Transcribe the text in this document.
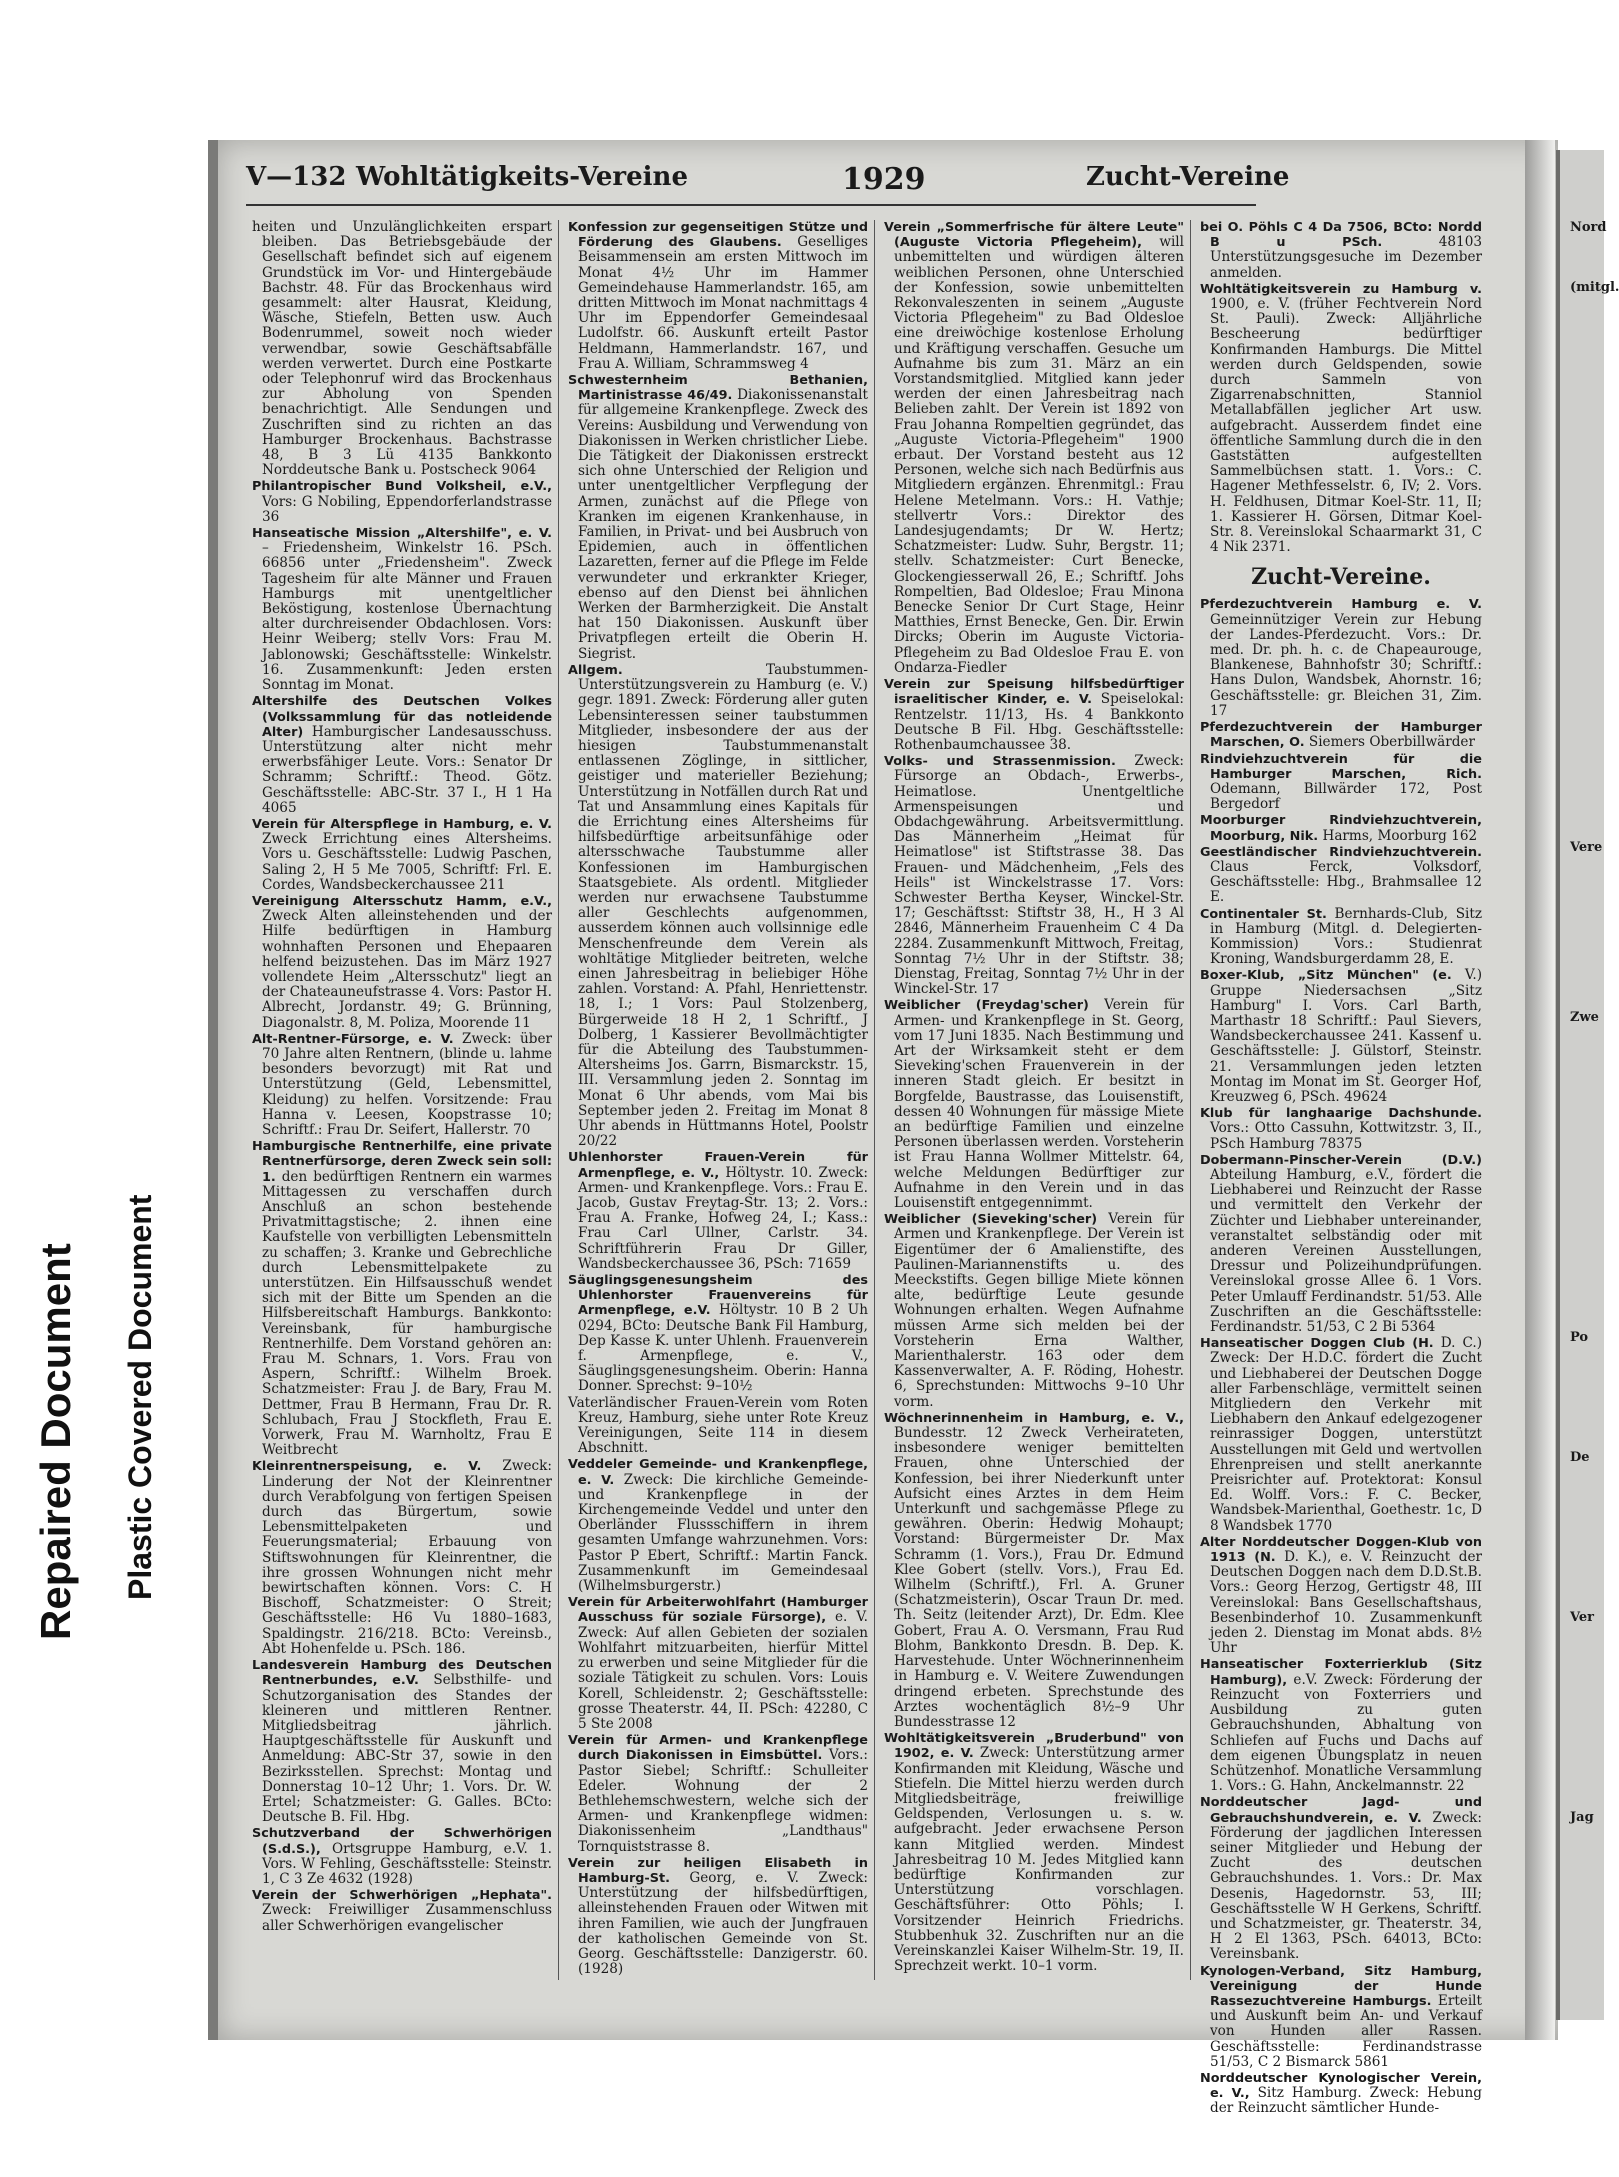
Repaired Document Plastic Covered Document
V—132 Wohltätigkeits-Vereine	1929	Zucht-Vereine

heiten und Unzulänglichkeiten erspart bleiben. Das Betriebsgebäude der Gesellschaft befindet sich auf eigenem Grundstück im Vor- und Hintergebäude Bachstr. 48. Für das Brockenhaus wird gesammelt: alter Hausrat, Kleidung, Wäsche, Stiefeln, Betten usw. Auch Bodenrummel, soweit noch wieder verwendbar, sowie Geschäftsabfälle werden verwertet. Durch eine Postkarte oder Telephonruf wird das Brockenhaus zur Abholung von Spenden benachrichtigt. Alle Sendungen und Zuschriften sind zu richten an das Hamburger Brockenhaus. Bachstrasse 48, B 3 Lü 4135 Bankkonto Norddeutsche Bank u. Postscheck 9064

Philantropischer Bund Volksheil, e.V., Vors: G Nobiling, Eppendorferlandstrasse 36

Hanseatische Mission „Altershilfe", e. V. – Friedensheim, Winkelstr 16. PSch. 66856 unter „Friedensheim". Zweck Tagesheim für alte Männer und Frauen Hamburgs mit unentgeltlicher Beköstigung, kostenlose Übernachtung alter durchreisender Obdachlosen. Vors: Heinr Weiberg; stellv Vors: Frau M. Jablonowski; Geschäftsstelle: Winkelstr. 16. Zusammenkunft: Jeden ersten Sonntag im Monat.

Altershilfe des Deutschen Volkes (Volkssammlung für das notleidende Alter) Hamburgischer Landesausschuss. Unterstützung alter nicht mehr erwerbsfähiger Leute. Vors.: Senator Dr Schramm; Schriftf.: Theod. Götz. Geschäftsstelle: ABC-Str. 37 I., H 1 Ha 4065

Verein für Alterspflege in Hamburg, e. V. Zweck Errichtung eines Altersheims. Vors u. Geschäftsstelle: Ludwig Paschen, Saling 2, H 5 Me 7005, Schriftf: Frl. E. Cordes, Wandsbeckerchaussee 211

Vereinigung Altersschutz Hamm, e.V., Zweck Alten alleinstehenden und der Hilfe bedürftigen in Hamburg wohnhaften Personen und Ehepaaren helfend beizustehen. Das im März 1927 vollendete Heim „Altersschutz" liegt an der Chateauneufstrasse 4. Vors: Pastor H. Albrecht, Jordanstr. 49; G. Brünning, Diagonalstr. 8, M. Poliza, Moorende 11

Alt-Rentner-Fürsorge, e. V. Zweck: über 70 Jahre alten Rentnern, (blinde u. lahme besonders bevorzugt) mit Rat und Unterstützung (Geld, Lebensmittel, Kleidung) zu helfen. Vorsitzende: Frau Hanna v. Leesen, Koopstrasse 10; Schriftf.: Frau Dr. Seifert, Hallerstr. 70

Hamburgische Rentnerhilfe, eine private Rentnerfürsorge, deren Zweck sein soll: 1. den bedürftigen Rentnern ein warmes Mittagessen zu verschaffen durch Anschluß an schon bestehende Privatmittagstische; 2. ihnen eine Kaufstelle von verbilligten Lebensmitteln zu schaffen; 3. Kranke und Gebrechliche durch Lebensmittelpakete zu unterstützen. Ein Hilfsausschuß wendet sich mit der Bitte um Spenden an die Hilfsbereitschaft Hamburgs. Bankkonto: Vereinsbank, für hamburgische Rentnerhilfe. Dem Vorstand gehören an: Frau M. Schnars, 1. Vors. Frau von Aspern, Schriftf.: Wilhelm Broek. Schatzmeister: Frau J. de Bary, Frau M. Dettmer, Frau B Hermann, Frau Dr. R. Schlubach, Frau J Stockfleth, Frau E. Vorwerk, Frau M. Warnholtz, Frau E Weitbrecht

Kleinrentnerspeisung, e. V. Zweck: Linderung der Not der Kleinrentner durch Verabfolgung von fertigen Speisen durch das Bürgertum, sowie Lebensmittelpaketen und Feuerungsmaterial; Erbauung von Stiftswohnungen für Kleinrentner, die ihre grossen Wohnungen nicht mehr bewirtschaften können. Vors: C. H Bischoff, Schatzmeister: O Streit; Geschäftsstelle: H6 Vu 1880–1683, Spaldingstr. 216/218. BCto: Vereinsb., Abt Hohenfelde u. PSch. 186.

Landesverein Hamburg des Deutschen Rentnerbundes, e.V. Selbsthilfe- und Schutzorganisation des Standes der kleineren und mittleren Rentner. Mitgliedsbeitrag jährlich. Hauptgeschäftsstelle für Auskunft und Anmeldung: ABC-Str 37, sowie in den Bezirksstellen. Sprechst: Montag und Donnerstag 10–12 Uhr; 1. Vors. Dr. W. Ertel; Schatzmeister: G. Galles. BCto: Deutsche B. Fil. Hbg.

Schutzverband der Schwerhörigen (S.d.S.), Ortsgruppe Hamburg, e.V. 1. Vors. W Fehling, Geschäftsstelle: Steinstr. 1, C 3 Ze 4632 (1928)

Verein der Schwerhörigen „Hephata". Zweck: Freiwilliger Zusammenschluss aller Schwerhörigen evangelischer

Konfession zur gegenseitigen Stütze und Förderung des Glaubens. Geselliges Beisammensein am ersten Mittwoch im Monat 4½ Uhr im Hammer Gemeindehause Hammerlandstr. 165, am dritten Mittwoch im Monat nachmittags 4 Uhr im Eppendorfer Gemeindesaal Ludolfstr. 66. Auskunft erteilt Pastor Heldmann, Hammerlandstr. 167, und Frau A. William, Schrammsweg 4

Schwesternheim Bethanien, Martinistrasse 46/49. Diakonissenanstalt für allgemeine Krankenpflege. Zweck des Vereins: Ausbildung und Verwendung von Diakonissen in Werken christlicher Liebe. Die Tätigkeit der Diakonissen erstreckt sich ohne Unterschied der Religion und unter unentgeltlicher Verpflegung der Armen, zunächst auf die Pflege von Kranken im eigenen Krankenhause, in Familien, in Privat- und bei Ausbruch von Epidemien, auch in öffentlichen Lazaretten, ferner auf die Pflege im Felde verwundeter und erkrankter Krieger, ebenso auf den Dienst bei ähnlichen Werken der Barmherzigkeit. Die Anstalt hat 150 Diakonissen. Auskunft über Privatpflegen erteilt die Oberin H. Siegrist.

Allgem. Taubstummen-Unterstützungsverein zu Hamburg (e. V.) gegr. 1891. Zweck: Förderung aller guten Lebensinteressen seiner taubstummen Mitglieder, insbesondere der aus der hiesigen Taubstummenanstalt entlassenen Zöglinge, in sittlicher, geistiger und materieller Beziehung; Unterstützung in Notfällen durch Rat und Tat und Ansammlung eines Kapitals für die Errichtung eines Altersheims für hilfsbedürftige arbeitsunfähige oder altersschwache Taubstumme aller Konfessionen im Hamburgischen Staatsgebiete. Als ordentl. Mitglieder werden nur erwachsene Taubstumme aller Geschlechts aufgenommen, ausserdem können auch vollsinnige edle Menschenfreunde dem Verein als wohltätige Mitglieder beitreten, welche einen Jahresbeitrag in beliebiger Höhe zahlen. Vorstand: A. Pfahl, Henriettenstr. 18, I.; 1 Vors: Paul Stolzenberg, Bürgerweide 18 H 2, 1 Schriftf., J Dolberg, 1 Kassierer Bevollmächtigter für die Abteilung des Taubstummen-Altersheims Jos. Garrn, Bismarckstr. 15, III. Versammlung jeden 2. Sonntag im Monat 6 Uhr abends, vom Mai bis September jeden 2. Freitag im Monat 8 Uhr abends in Hüttmanns Hotel, Poolstr 20/22

Uhlenhorster Frauen-Verein für Armenpflege, e. V., Höltystr. 10. Zweck: Armen- und Krankenpflege. Vors.: Frau E. Jacob, Gustav Freytag-Str. 13; 2. Vors.: Frau A. Franke, Hofweg 24, I.; Kass.: Frau Carl Ullner, Carlstr. 34. Schriftführerin Frau Dr Giller, Wandsbeckerchaussee 36, PSch: 71659

Säuglingsgenesungsheim des Uhlenhorster Frauenvereins für Armenpflege, e.V. Höltystr. 10 B 2 Uh 0294, BCto: Deutsche Bank Fil Hamburg, Dep Kasse K. unter Uhlenh. Frauenverein f. Armenpflege, e. V., Säuglingsgenesungsheim. Oberin: Hanna Donner. Sprechst: 9–10½

Vaterländischer Frauen-Verein vom Roten Kreuz, Hamburg, siehe unter Rote Kreuz Vereinigungen, Seite 114 in diesem Abschnitt.

Veddeler Gemeinde- und Krankenpflege, e. V. Zweck: Die kirchliche Gemeinde- und Krankenpflege in der Kirchengemeinde Veddel und unter den Oberländer Flussschiffern in ihrem gesamten Umfange wahrzunehmen. Vors: Pastor P Ebert, Schriftf.: Martin Fanck. Zusammenkunft im Gemeindesaal (Wilhelmsburgerstr.)

Verein für Arbeiterwohlfahrt (Hamburger Ausschuss für soziale Fürsorge), e. V. Zweck: Auf allen Gebieten der sozialen Wohlfahrt mitzuarbeiten, hierfür Mittel zu erwerben und seine Mitglieder für die soziale Tätigkeit zu schulen. Vors: Louis Korell, Schleidenstr. 2; Geschäftsstelle: grosse Theaterstr. 44, II. PSch: 42280, C 5 Ste 2008

Verein für Armen- und Krankenpflege durch Diakonissen in Eimsbüttel. Vors.: Pastor Siebel; Schriftf.: Schulleiter Edeler. Wohnung der 2 Bethlehemschwestern, welche sich der Armen- und Krankenpflege widmen: Diakonissenheim „Landthaus" Tornquiststrasse 8.

Verein zur heiligen Elisabeth in Hamburg-St. Georg, e. V. Zweck: Unterstützung der hilfsbedürftigen, alleinstehenden Frauen oder Witwen mit ihren Familien, wie auch der Jungfrauen der katholischen Gemeinde von St. Georg. Geschäftsstelle: Danzigerstr. 60. (1928)

Verein „Sommerfrische für ältere Leute" (Auguste Victoria Pflegeheim), will unbemittelten und würdigen älteren weiblichen Personen, ohne Unterschied der Konfession, sowie unbemittelten Rekonvaleszenten in seinem „Auguste Victoria Pflegeheim" zu Bad Oldesloe eine dreiwöchige kostenlose Erholung und Kräftigung verschaffen. Gesuche um Aufnahme bis zum 31. März an ein Vorstandsmitglied. Mitglied kann jeder werden der einen Jahresbeitrag nach Belieben zahlt. Der Verein ist 1892 von Frau Johanna Rompeltien gegründet, das „Auguste Victoria-Pflegeheim" 1900 erbaut. Der Vorstand besteht aus 12 Personen, welche sich nach Bedürfnis aus Mitgliedern ergänzen. Ehrenmitgl.: Frau Helene Metelmann. Vors.: H. Vathje; stellvertr Vors.: Direktor des Landesjugendamts; Dr W. Hertz; Schatzmeister: Ludw. Suhr, Bergstr. 11; stellv. Schatzmeister: Curt Benecke, Glockengiesserwall 26, E.; Schriftf. Johs Rompeltien, Bad Oldesloe; Frau Minona Benecke Senior Dr Curt Stage, Heinr Matthies, Ernst Benecke, Gen. Dir. Erwin Dircks; Oberin im Auguste Victoria-Pflegeheim zu Bad Oldesloe Frau E. von Ondarza-Fiedler

Verein zur Speisung hilfsbedürftiger israelitischer Kinder, e. V. Speiselokal: Rentzelstr. 11/13, Hs. 4 Bankkonto Deutsche B Fil. Hbg. Geschäftsstelle: Rothenbaumchaussee 38.

Volks- und Strassenmission. Zweck: Fürsorge an Obdach-, Erwerbs-, Heimatlose. Unentgeltliche Armenspeisungen und Obdachgewährung. Arbeitsvermittlung. Das Männerheim „Heimat für Heimatlose" ist Stiftstrasse 38. Das Frauen- und Mädchenheim, „Fels des Heils" ist Winckelstrasse 17. Vors: Schwester Bertha Keyser, Winckel-Str. 17; Geschäftsst: Stiftstr 38, H., H 3 Al 2846, Männerheim Frauenheim C 4 Da 2284. Zusammenkunft Mittwoch, Freitag, Sonntag 7½ Uhr in der Stiftstr. 38; Dienstag, Freitag, Sonntag 7½ Uhr in der Winckel-Str. 17

Weiblicher (Freydag'scher) Verein für Armen- und Krankenpflege in St. Georg, vom 17 Juni 1835. Nach Bestimmung und Art der Wirksamkeit steht er dem Sieveking'schen Frauenverein in der inneren Stadt gleich. Er besitzt in Borgfelde, Baustrasse, das Louisenstift, dessen 40 Wohnungen für mässige Miete an bedürftige Familien und einzelne Personen überlassen werden. Vorsteherin ist Frau Hanna Wollmer Mittelstr. 64, welche Meldungen Bedürftiger zur Aufnahme in den Verein und in das Louisenstift entgegennimmt.

Weiblicher (Sieveking'scher) Verein für Armen und Krankenpflege. Der Verein ist Eigentümer der 6 Amalienstifte, des Paulinen-Mariannenstifts u. des Meeckstifts. Gegen billige Miete können alte, bedürftige Leute gesunde Wohnungen erhalten. Wegen Aufnahme müssen Arme sich melden bei der Vorsteherin Erna Walther, Marienthalerstr. 163 oder dem Kassenverwalter, A. F. Röding, Hohestr. 6, Sprechstunden: Mittwochs 9–10 Uhr vorm.

Wöchnerinnenheim in Hamburg, e. V., Bundesstr. 12 Zweck Verheirateten, insbesondere weniger bemittelten Frauen, ohne Unterschied der Konfession, bei ihrer Niederkunft unter Aufsicht eines Arztes in dem Heim Unterkunft und sachgemässe Pflege zu gewähren. Oberin: Hedwig Mohaupt; Vorstand: Bürgermeister Dr. Max Schramm (1. Vors.), Frau Dr. Edmund Klee Gobert (stellv. Vors.), Frau Ed. Wilhelm (Schriftf.), Frl. A. Gruner (Schatzmeisterin), Oscar Traun Dr. med. Th. Seitz (leitender Arzt), Dr. Edm. Klee Gobert, Frau A. O. Versmann, Frau Rud Blohm, Bankkonto Dresdn. B. Dep. K. Harvestehude. Unter Wöchnerinnenheim in Hamburg e. V. Weitere Zuwendungen dringend erbeten. Sprechstunde des Arztes wochentäglich 8½–9 Uhr Bundesstrasse 12

Wohltätigkeitsverein „Bruderbund" von 1902, e. V. Zweck: Unterstützung armer Konfirmanden mit Kleidung, Wäsche und Stiefeln. Die Mittel hierzu werden durch Mitgliedsbeiträge, freiwillige Geldspenden, Verlosungen u. s. w. aufgebracht. Jeder erwachsene Person kann Mitglied werden. Mindest Jahresbeitrag 10 M. Jedes Mitglied kann bedürftige Konfirmanden zur Unterstützung vorschlagen. Geschäftsführer: Otto Pöhls; I. Vorsitzender Heinrich Friedrichs. Stubbenhuk 32. Zuschriften nur an die Vereinskanzlei Kaiser Wilhelm-Str. 19, II. Sprechzeit werkt. 10–1 vorm.

bei O. Pöhls C 4 Da 7506, BCto: Nordd B u PSch. 48103 Unterstützungsgesuche im Dezember anmelden.

Wohltätigkeitsverein zu Hamburg v. 1900, e. V. (früher Fechtverein Nord St. Pauli). Zweck: Alljährliche Bescheerung bedürftiger Konfirmanden Hamburgs. Die Mittel werden durch Geldspenden, sowie durch Sammeln von Zigarrenabschnitten, Stanniol Metallabfällen jeglicher Art usw. aufgebracht. Ausserdem findet eine öffentliche Sammlung durch die in den Gaststätten aufgestellten Sammelbüchsen statt. 1. Vors.: C. Hagener Methfesselstr. 6, IV; 2. Vors. H. Feldhusen, Ditmar Koel-Str. 11, II; 1. Kassierer H. Görsen, Ditmar Koel-Str. 8. Vereinslokal Schaarmarkt 31, C 4 Nik 2371.

Zucht-Vereine.

Pferdezuchtverein Hamburg e. V. Gemeinnütziger Verein zur Hebung der Landes-Pferdezucht. Vors.: Dr. med. Dr. ph. h. c. de Chapeaurouge, Blankenese, Bahnhofstr 30; Schriftf.: Hans Dulon, Wandsbek, Ahornstr. 16; Geschäftsstelle: gr. Bleichen 31, Zim. 17

Pferdezuchtverein der Hamburger Marschen, O. Siemers Oberbillwärder

Rindviehzuchtverein für die Hamburger Marschen, Rich. Odemann, Billwärder 172, Post Bergedorf

Moorburger Rindviehzuchtverein, Moorburg, Nik. Harms, Moorburg 162

Geestländischer Rindviehzuchtverein. Claus Ferck, Volksdorf, Geschäftsstelle: Hbg., Brahmsallee 12 E.

Continentaler St. Bernhards-Club, Sitz in Hamburg (Mitgl. d. Delegierten-Kommission) Vors.: Studienrat Kroning, Wandsburgerdamm 28, E.

Boxer-Klub, „Sitz München" (e. V.) Gruppe Niedersachsen „Sitz Hamburg" I. Vors. Carl Barth, Marthastr 18 Schriftf.: Paul Sievers, Wandsbeckerchaussee 241. Kassenf u. Geschäftsstelle: J. Gülstorf, Steinstr. 21. Versammlungen jeden letzten Montag im Monat im St. Georger Hof, Kreuzweg 6, PSch. 49624

Klub für langhaarige Dachshunde. Vors.: Otto Cassuhn, Kottwitzstr. 3, II., PSch Hamburg 78375

Dobermann-Pinscher-Verein (D.V.) Abteilung Hamburg, e.V., fördert die Liebhaberei und Reinzucht der Rasse und vermittelt den Verkehr der Züchter und Liebhaber untereinander, veranstaltet selbständig oder mit anderen Vereinen Ausstellungen, Dressur und Polizeihundprüfungen. Vereinslokal grosse Allee 6. 1 Vors. Peter Umlauff Ferdinandstr. 51/53. Alle Zuschriften an die Geschäftsstelle: Ferdinandstr. 51/53, C 2 Bi 5364

Hanseatischer Doggen Club (H. D. C.) Zweck: Der H.D.C. fördert die Zucht und Liebhaberei der Deutschen Dogge aller Farbenschläge, vermittelt seinen Mitgliedern den Verkehr mit Liebhabern den Ankauf edelgezogener reinrassiger Doggen, unterstützt Ausstellungen mit Geld und wertvollen Ehrenpreisen und stellt anerkannte Preisrichter auf. Protektorat: Konsul Ed. Wolff. Vors.: F. C. Becker, Wandsbek-Marienthal, Goethestr. 1c, D 8 Wandsbek 1770

Alter Norddeutscher Doggen-Klub von 1913 (N. D. K.), e. V. Reinzucht der Deutschen Doggen nach dem D.D.St.B. Vors.: Georg Herzog, Gertigstr 48, III Vereinslokal: Bans Gesellschaftshaus, Besenbinderhof 10. Zusammenkunft jeden 2. Dienstag im Monat abds. 8½ Uhr

Hanseatischer Foxterrierklub (Sitz Hamburg), e.V. Zweck: Förderung der Reinzucht von Foxterriers und Ausbildung zu guten Gebrauchshunden, Abhaltung von Schliefen auf Fuchs und Dachs auf dem eigenen Übungsplatz in neuen Schützenhof. Monatliche Versammlung 1. Vors.: G. Hahn, Anckelmannstr. 22

Norddeutscher Jagd- und Gebrauchshundverein, e. V. Zweck: Förderung der jagdlichen Interessen seiner Mitglieder und Hebung der Zucht des deutschen Gebrauchshundes. 1. Vors.: Dr. Max Desenis, Hagedornstr. 53, III; Geschäftsstelle W H Gerkens, Schriftf. und Schatzmeister, gr. Theaterstr. 34, H 2 El 1363, PSch. 64013, BCto: Vereinsbank.

Kynologen-Verband, Sitz Hamburg, Vereinigung der Hunde Rassezuchtvereine Hamburgs. Erteilt und Auskunft beim An- und Verkauf von Hunden aller Rassen. Geschäftsstelle: Ferdinandstrasse 51/53, C 2 Bismarck 5861

Norddeutscher Kynologischer Verein, e. V., Sitz Hamburg. Zweck: Hebung der Reinzucht sämtlicher Hunde-

Nord
(mitgl.
Vere
Zwe
Po
De
Ver
Jag
